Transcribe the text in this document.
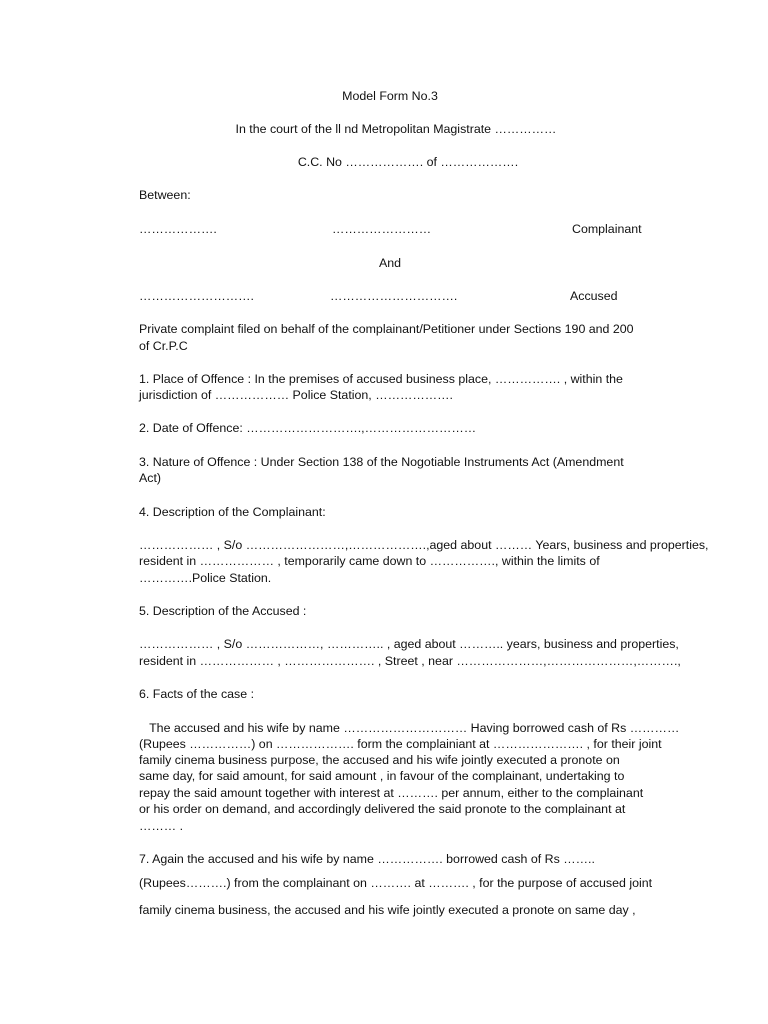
Model Form No.3
In the court of the ll nd Metropolitan Magistrate ……………
C.C. No ………………. of ……………….
Between:
……………….	……………………	Complainant
And
……………………….	………………………….	Accused
Private complaint filed on behalf of the complainant/Petitioner under Sections 190 and 200
of Cr.P.C
1. Place of Offence : In the premises of accused business place, ……………. , within the
jurisdiction of ……………… Police Station, ……………….
2. Date of Offence: ……………………….,………………………
3. Nature of Offence : Under Section 138 of the Nogotiable Instruments Act (Amendment
Act)
4. Description of the Complainant:
……………… , S/o ……………………,……………….,aged about ……… Years, business and properties,
resident in ……………… , temporarily came down to ……………., within the limits of
………….Police Station.
5. Description of the Accused :
……………… , S/o ………………, ………….. , aged about ……….. years, business and properties,
resident in ……………… , …………………. , Street , near …………………,…………………,……….,
6. Facts of the case :
The accused and his wife by name ………………………… Having borrowed cash of Rs …………
(Rupees ……………) on ………………. form the complainiant at …………………. , for their joint
family cinema business purpose, the accused and his wife jointly executed a pronote on
same day, for said amount, for said amount , in favour of the complainant, undertaking to
repay the said amount together with interest at ………. per annum, either to the complainant
or his order on demand, and accordingly delivered the said pronote to the complainant at
……… .
7. Again the accused and his wife by name ……………. borrowed cash of Rs ……..
(Rupees……….) from the complainant on ………. at ………. , for the purpose of accused joint
family cinema business, the accused and his wife jointly executed a pronote on same day ,
